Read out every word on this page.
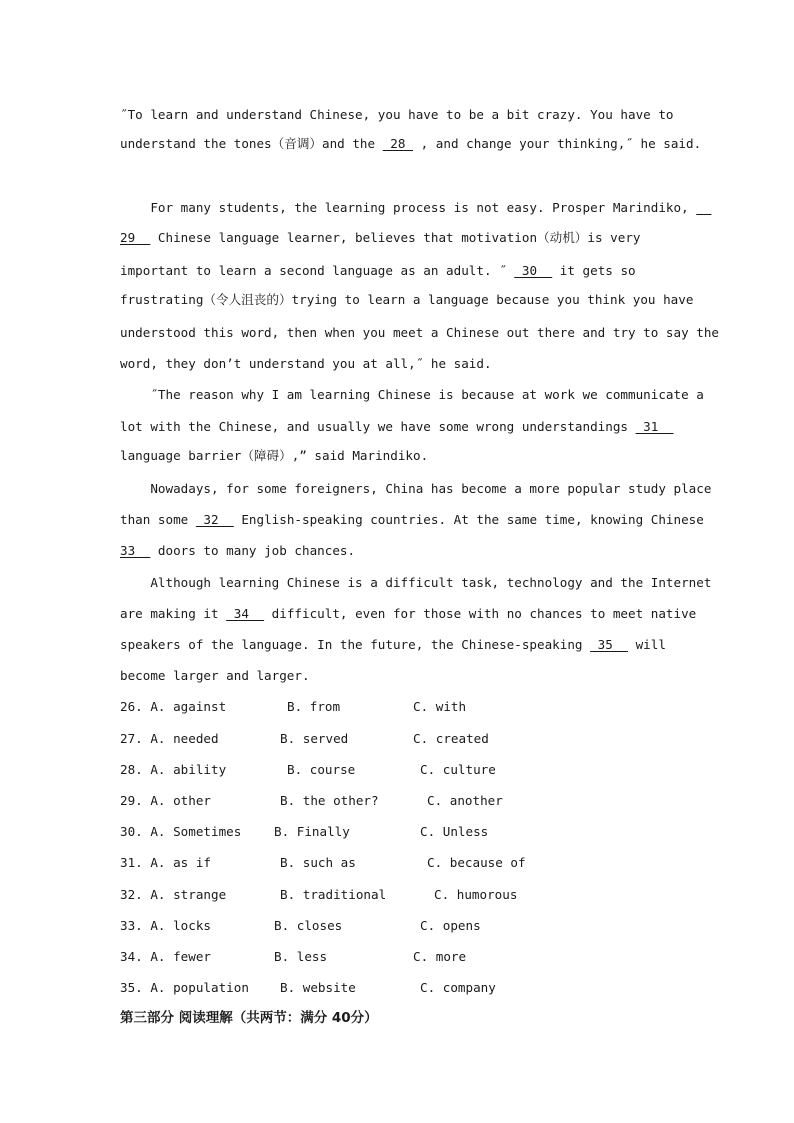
˝To learn and understand Chinese, you have to be a bit crazy. You have to

understand the tones（音调）and the  28  , and change your thinking,˝ he said.

For many students, the learning process is not easy. Prosper Marindiko,

29   Chinese language learner, believes that motivation（动机）is very

important to learn a second language as an adult. ˝  30   it gets so

frustrating（令人沮丧的）trying to learn a language because you think you have

understood this word, then when you meet a Chinese out there and try to say the

word, they don’t understand you at all,˝ he said.

˝The reason why I am learning Chinese is because at work we communicate a

lot with the Chinese, and usually we have some wrong understandings  31

language barrier（障碍）,” said Marindiko.

Nowadays, for some foreigners, China has become a more popular study place

than some  32   English-speaking countries. At the same time, knowing Chinese

33   doors to many job chances.

Although learning Chinese is a difficult task, technology and the Internet

are making it  34   difficult, even for those with no chances to meet native

speakers of the language. In the future, the Chinese-speaking  35   will

become larger and larger.

26. A. against	B. from	C. with
27. A. needed	B. served	C. created
28. A. ability	B. course	C. culture
29. A. other	B. the other?	C. another
30. A. Sometimes	B. Finally	C. Unless
31. A. as if	B. such as	C. because of
32. A. strange	B. traditional	C. humorous
33. A. locks	B. closes	C. opens
34. A. fewer	B. less	C. more
35. A. population B. website	C. company

第三部分 阅读理解（共两节：满分 40分）
